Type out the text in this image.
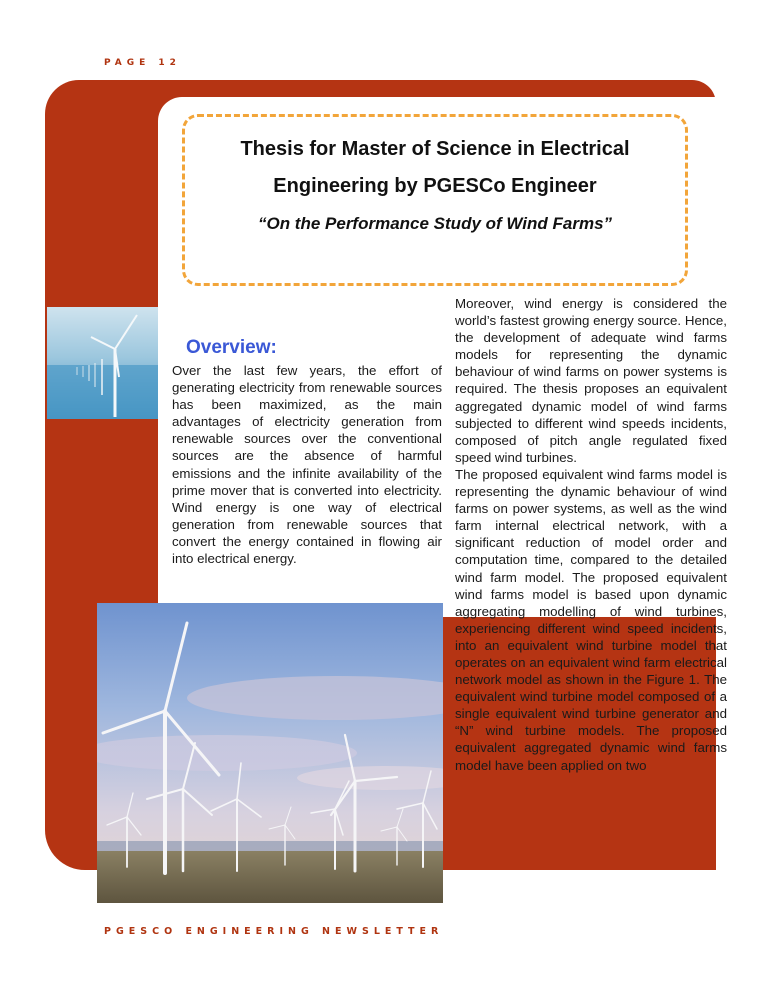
PAGE 12
Thesis for Master of Science in Electrical Engineering by PGESCo Engineer
“On the Performance Study of Wind Farms”
Overview:

Over the last few years, the effort of generating electricity from renewable sources has been maximized, as the main advantages of electricity generation from renewable sources over the conventional sources are the absence of harmful emissions and the infinite availability of the prime mover that is converted into electricity. Wind energy is one way of electrical generation from renewable sources that convert the energy contained in flowing air into electrical energy.

Moreover, wind energy is considered the world’s fastest growing energy source. Hence, the development of adequate wind farms models for representing the dynamic behaviour of wind farms on power systems is required. The thesis proposes an equivalent aggregated dynamic model of wind farms subjected to different wind speeds incidents, composed of pitch angle regulated fixed speed wind turbines.

The proposed equivalent wind farms model is representing the dynamic behaviour of wind farms on power systems, as well as the wind farm internal electrical network, with a significant reduction of model order and computation time, compared to the detailed wind farm model. The proposed equivalent wind farms model is based upon dynamic aggregating modelling of wind turbines, experiencing different wind speed incidents, into an equivalent wind turbine model that operates on an equivalent wind farm electrical network model as shown in the Figure 1. The equivalent wind turbine model composed of a single equivalent wind turbine generator and “N” wind turbine models. The proposed equivalent aggregated dynamic wind farms model have been applied on two

PGESCO ENGINEERING NEWSLETTER
